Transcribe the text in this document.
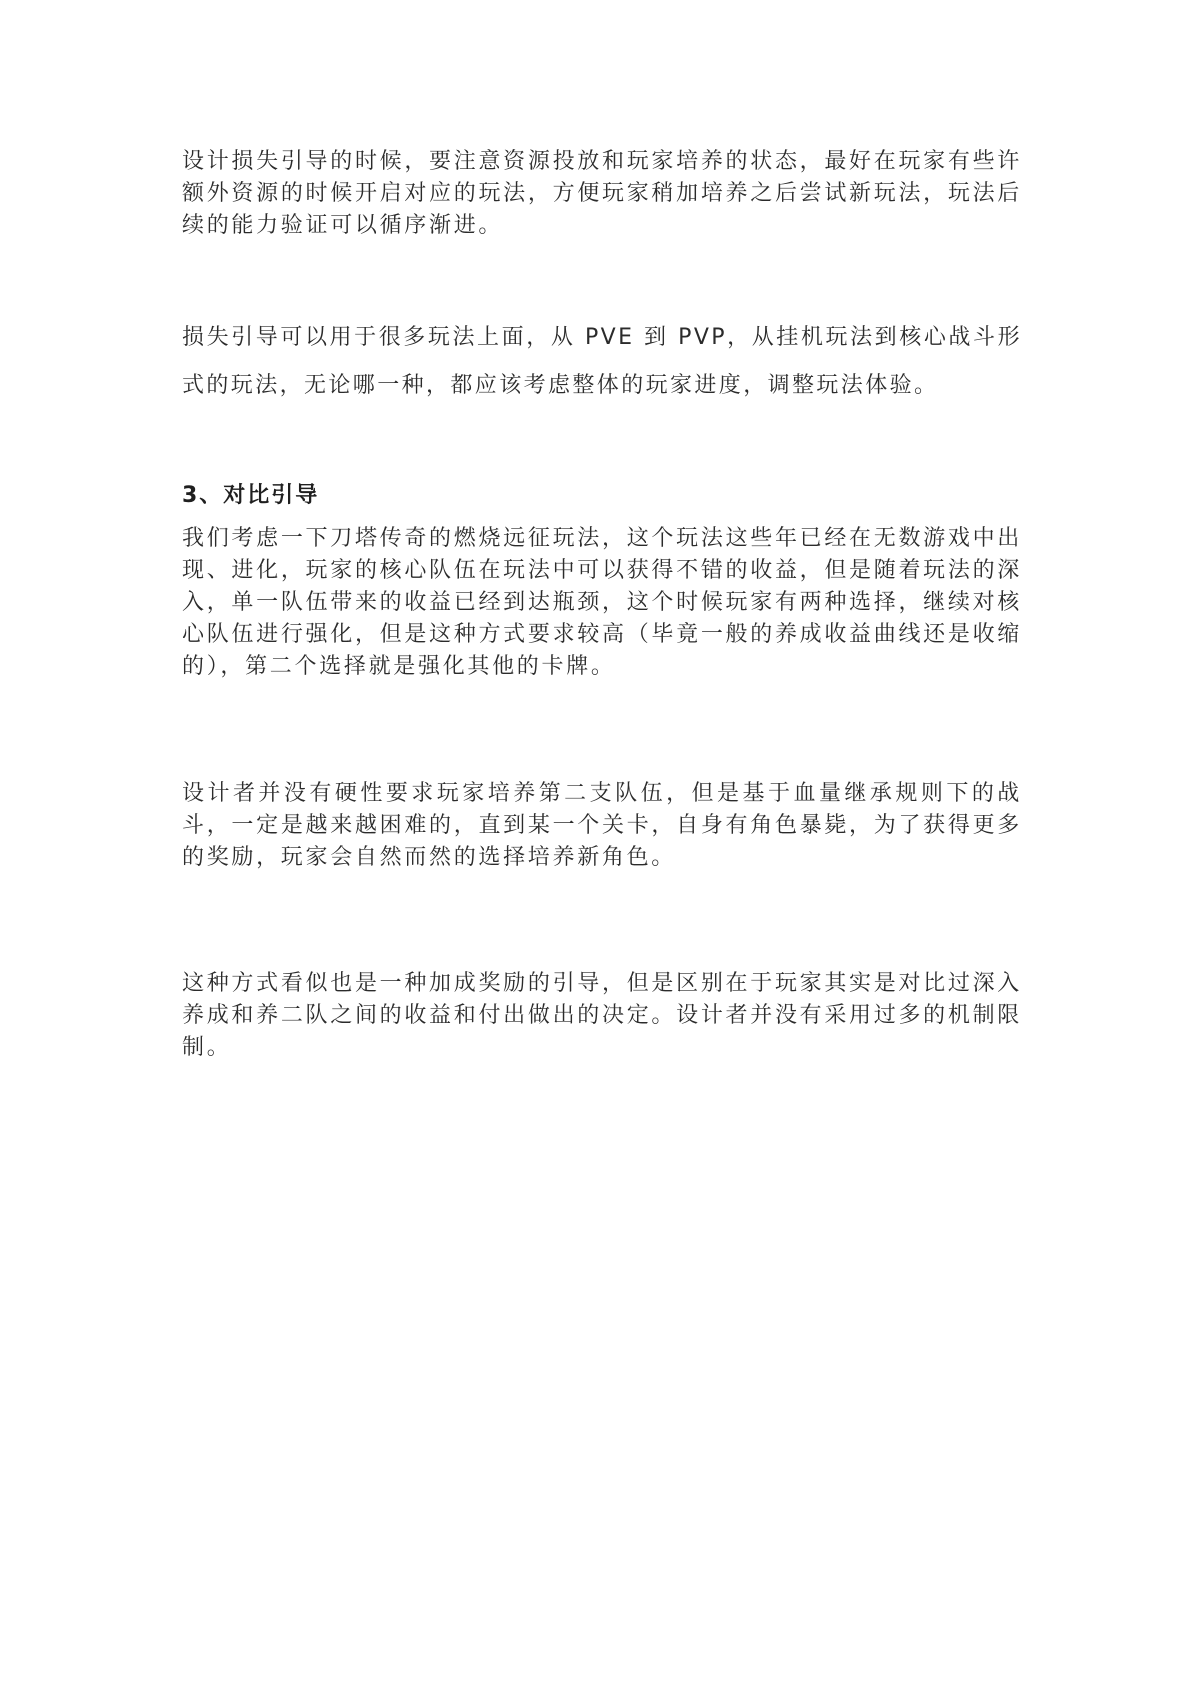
设计损失引导的时候，要注意资源投放和玩家培养的状态，最好在玩家有些许额外资源的时候开启对应的玩法，方便玩家稍加培养之后尝试新玩法，玩法后续的能力验证可以循序渐进。

损失引导可以用于很多玩法上面，从 PVE 到 PVP，从挂机玩法到核心战斗形式的玩法，无论哪一种，都应该考虑整体的玩家进度，调整玩法体验。

3、对比引导

我们考虑一下刀塔传奇的燃烧远征玩法，这个玩法这些年已经在无数游戏中出现、进化，玩家的核心队伍在玩法中可以获得不错的收益，但是随着玩法的深入，单一队伍带来的收益已经到达瓶颈，这个时候玩家有两种选择，继续对核心队伍进行强化，但是这种方式要求较高（毕竟一般的养成收益曲线还是收缩的），第二个选择就是强化其他的卡牌。

设计者并没有硬性要求玩家培养第二支队伍，但是基于血量继承规则下的战斗，一定是越来越困难的，直到某一个关卡，自身有角色暴毙，为了获得更多的奖励，玩家会自然而然的选择培养新角色。

这种方式看似也是一种加成奖励的引导，但是区别在于玩家其实是对比过深入养成和养二队之间的收益和付出做出的决定。设计者并没有采用过多的机制限制。
